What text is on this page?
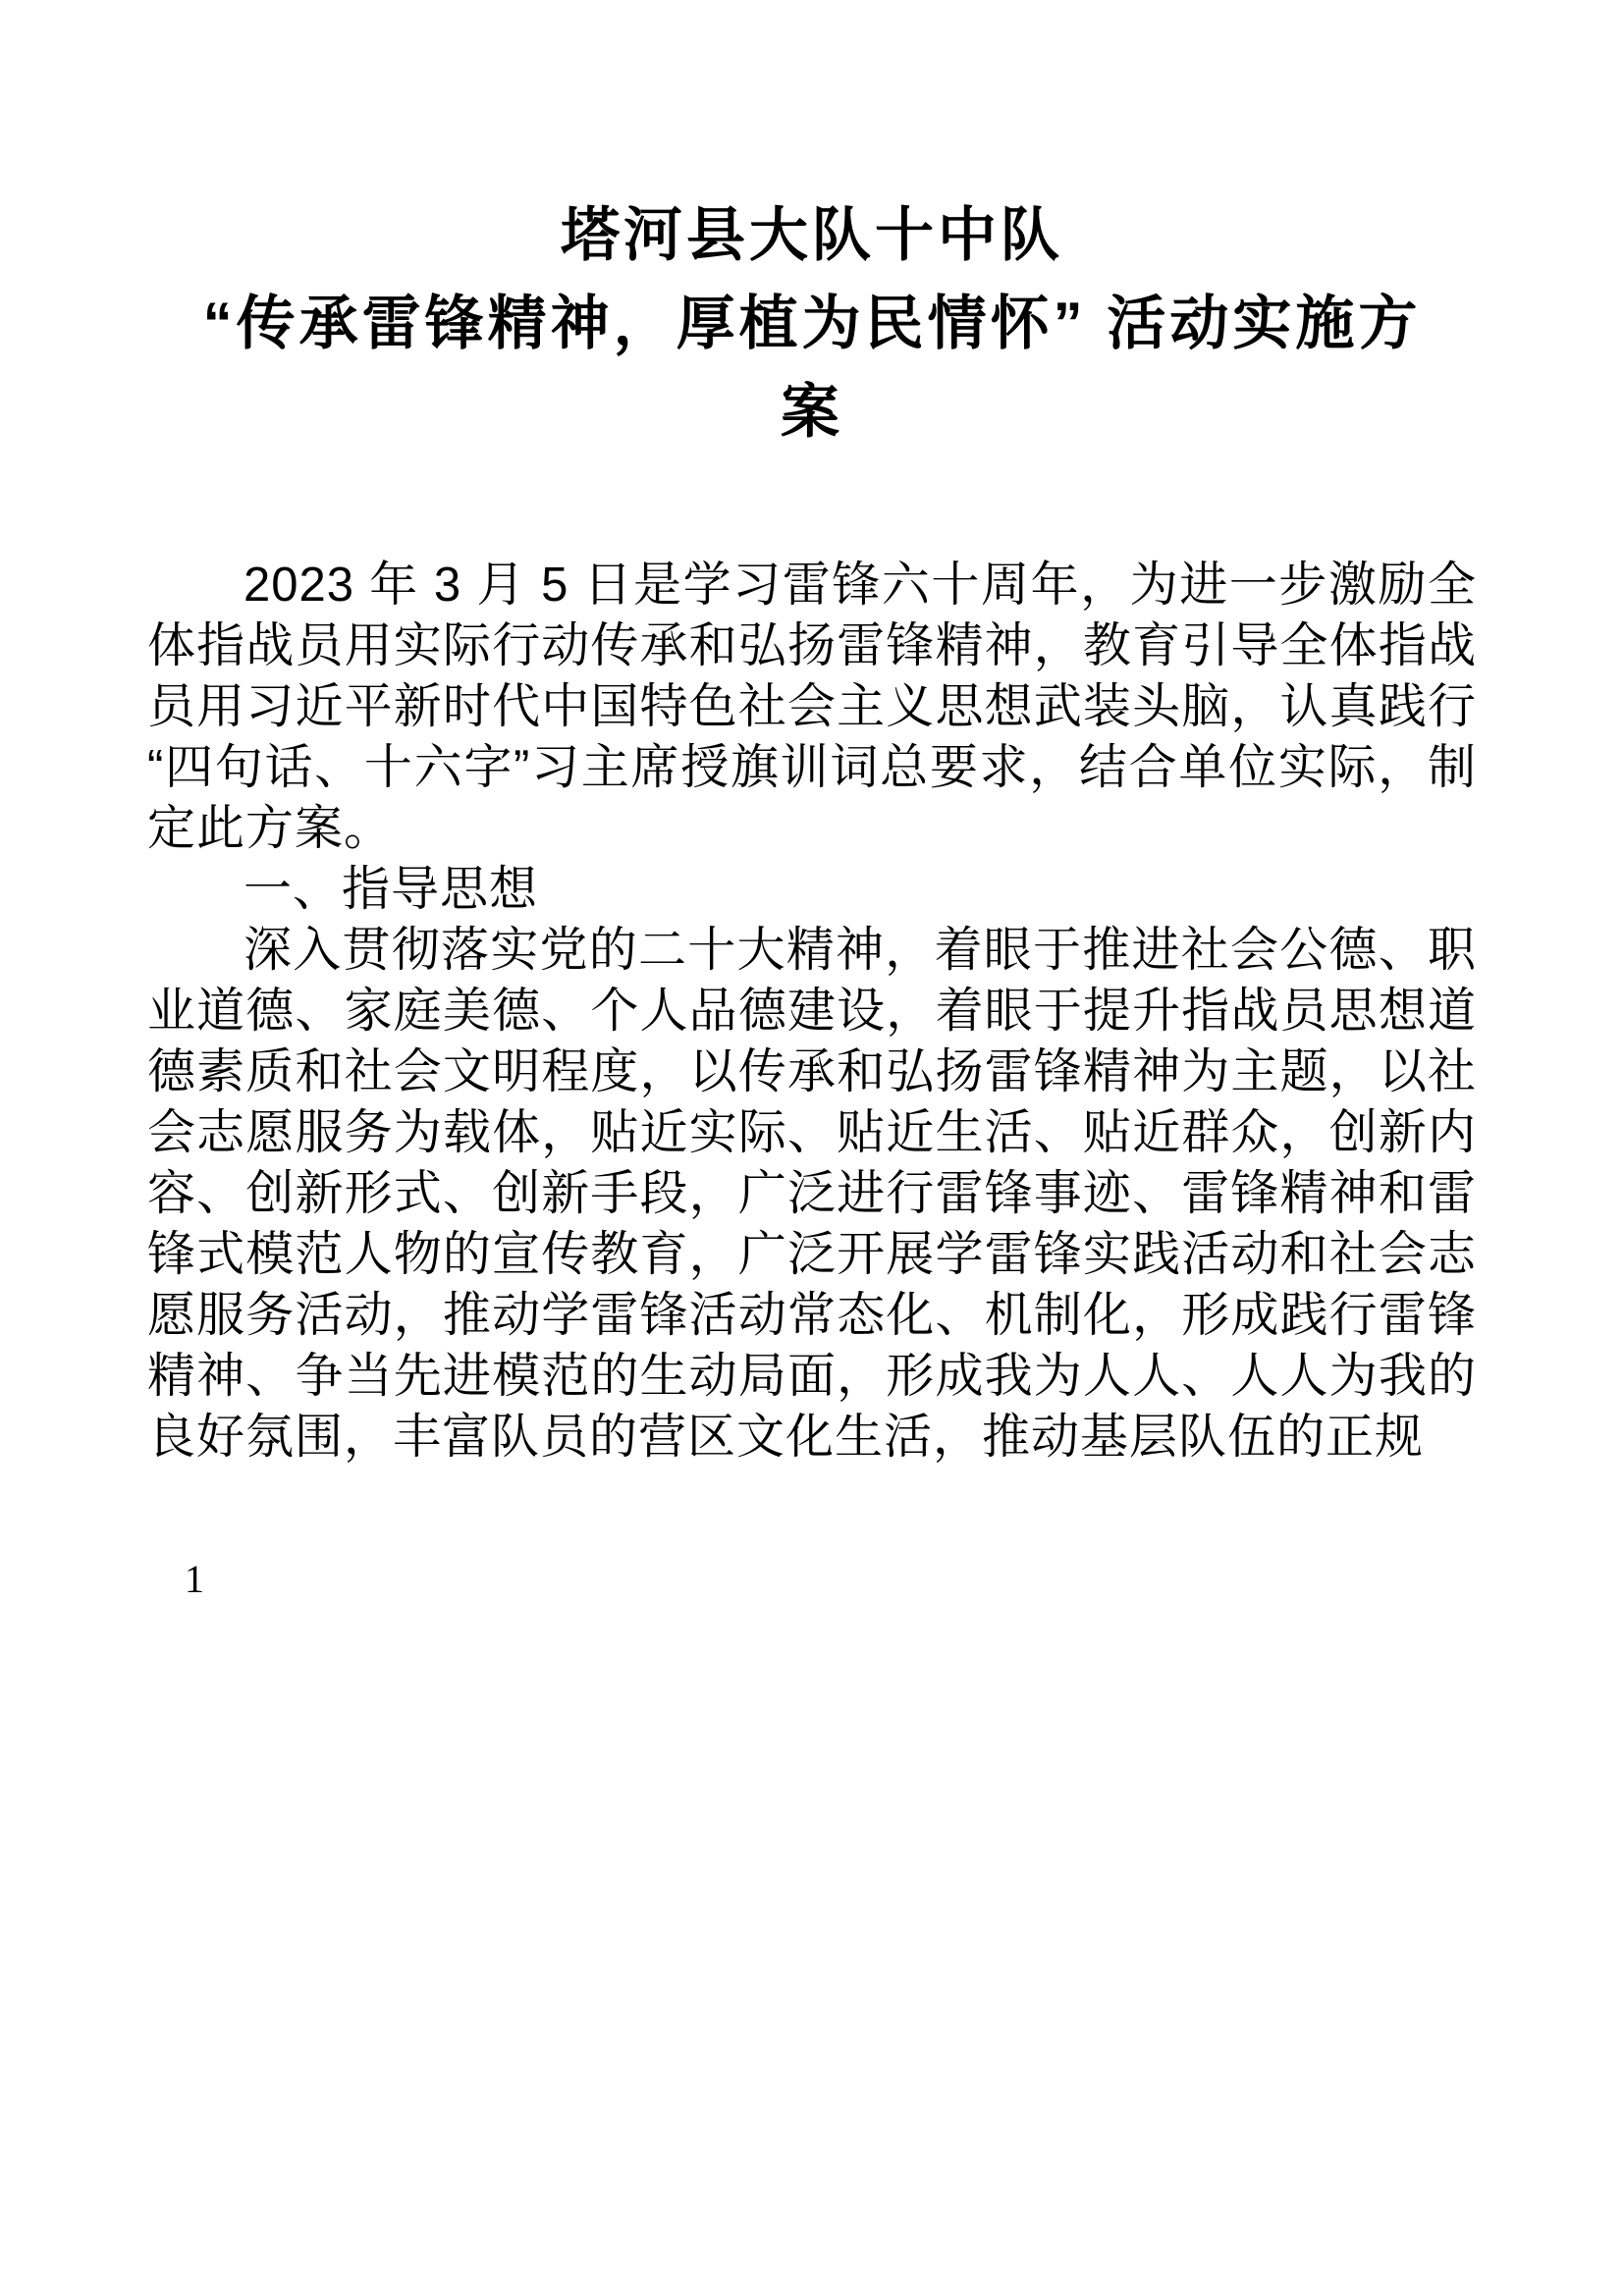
塔河县大队十中队
“传承雷锋精神，厚植为民情怀” 活动实施方
案

2023 年 3 月 5 日是学习雷锋六十周年，为进一步激励全体指战员用实际行动传承和弘扬雷锋精神，教育引导全体指战员用习近平新时代中国特色社会主义思想武装头脑，认真践行“四句话、十六字”习主席授旗训词总要求，结合单位实际，制定此方案。

一、指导思想

深入贯彻落实党的二十大精神，着眼于推进社会公德、职业道德、家庭美德、个人品德建设，着眼于提升指战员思想道德素质和社会文明程度，以传承和弘扬雷锋精神为主题，以社会志愿服务为载体，贴近实际、贴近生活、贴近群众，创新内容、创新形式、创新手段，广泛进行雷锋事迹、雷锋精神和雷锋式模范人物的宣传教育，广泛开展学雷锋实践活动和社会志愿服务活动，推动学雷锋活动常态化、机制化，形成践行雷锋精神、争当先进模范的生动局面，形成我为人人、人人为我的良好氛围，丰富队员的营区文化生活，推动基层队伍的正规

1
